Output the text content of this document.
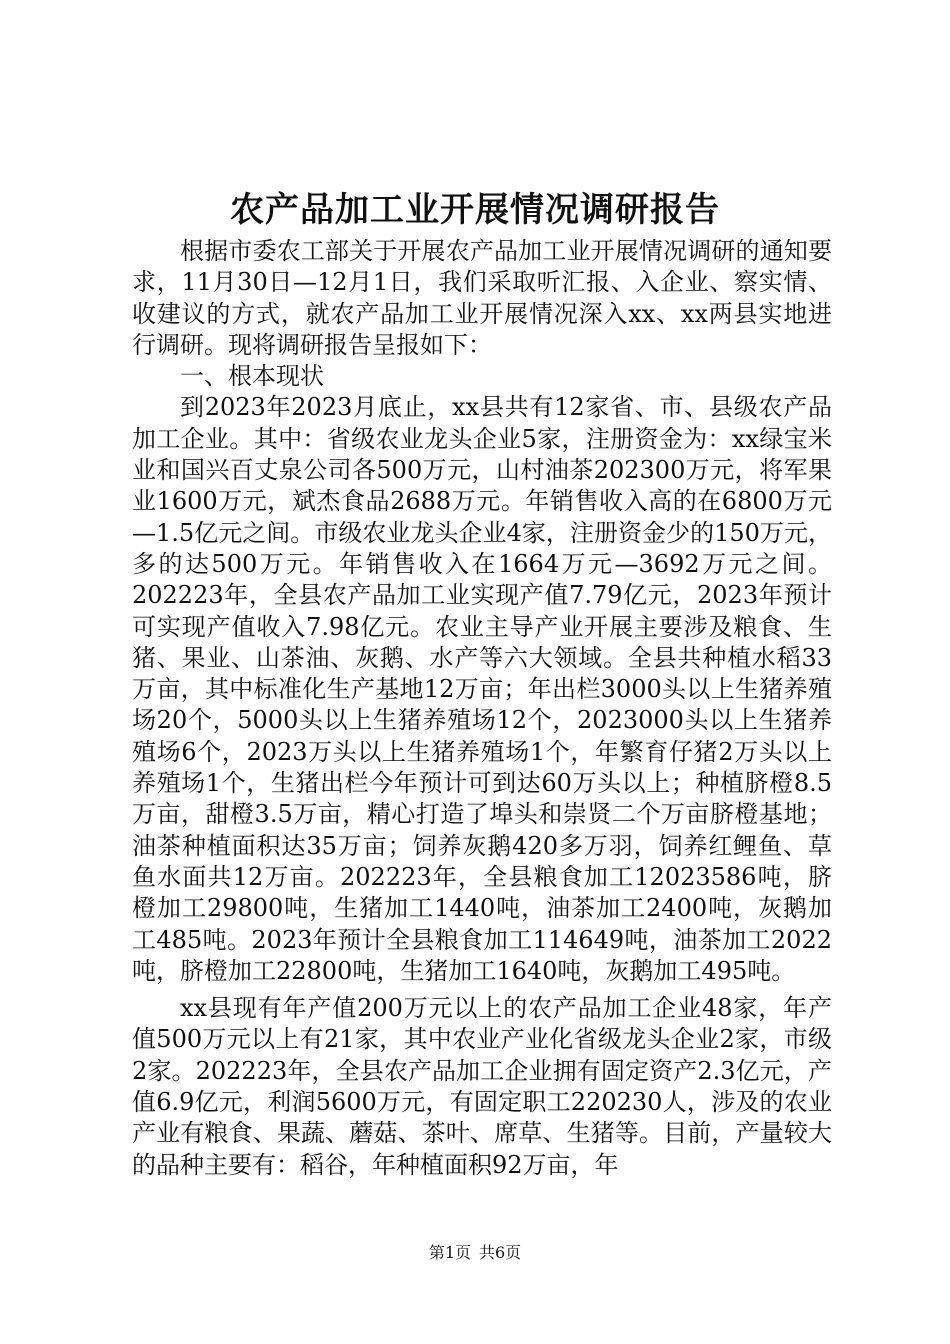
农产品加工业开展情况调研报告

根据市委农工部关于开展农产品加工业开展情况调研的通知要求，11月30日—12月1日，我们采取听汇报、入企业、察实情、收建议的方式，就农产品加工业开展情况深入xx、xx两县实地进行调研。现将调研报告呈报如下：

一、根本现状

到2023年2023月底止，xx县共有12家省、市、县级农产品加工企业。其中：省级农业龙头企业5家，注册资金为：xx绿宝米业和国兴百丈泉公司各500万元，山村油茶202300万元，将军果业1600万元，斌杰食品2688万元。年销售收入高的在6800万元—1.5亿元之间。市级农业龙头企业4家，注册资金少的150万元，多的达500万元。年销售收入在1664万元—3692万元之间。202223年，全县农产品加工业实现产值7.79亿元，2023年预计可实现产值收入7.98亿元。农业主导产业开展主要涉及粮食、生猪、果业、山茶油、灰鹅、水产等六大领域。全县共种植水稻33万亩，其中标准化生产基地12万亩；年出栏3000头以上生猪养殖场20个，5000头以上生猪养殖场12个，2023000头以上生猪养殖场6个，2023万头以上生猪养殖场1个，年繁育仔猪2万头以上养殖场1个，生猪出栏今年预计可到达60万头以上；种植脐橙8.5万亩，甜橙3.5万亩，精心打造了埠头和崇贤二个万亩脐橙基地；油茶种植面积达35万亩；饲养灰鹅420多万羽，饲养红鲤鱼、草鱼水面共12万亩。202223年，全县粮食加工12023586吨，脐橙加工29800吨，生猪加工1440吨，油茶加工2400吨，灰鹅加工485吨。2023年预计全县粮食加工114649吨，油茶加工2022吨，脐橙加工22800吨，生猪加工1640吨，灰鹅加工495吨。

xx县现有年产值200万元以上的农产品加工企业48家，年产值500万元以上有21家，其中农业产业化省级龙头企业2家，市级2家。202223年，全县农产品加工企业拥有固定资产2.3亿元，产值6.9亿元，利润5600万元，有固定职工220230人，涉及的农业产业有粮食、果蔬、蘑菇、茶叶、席草、生猪等。目前，产量较大的品种主要有：稻谷，年种植面积92万亩，年

第1页 共6页
